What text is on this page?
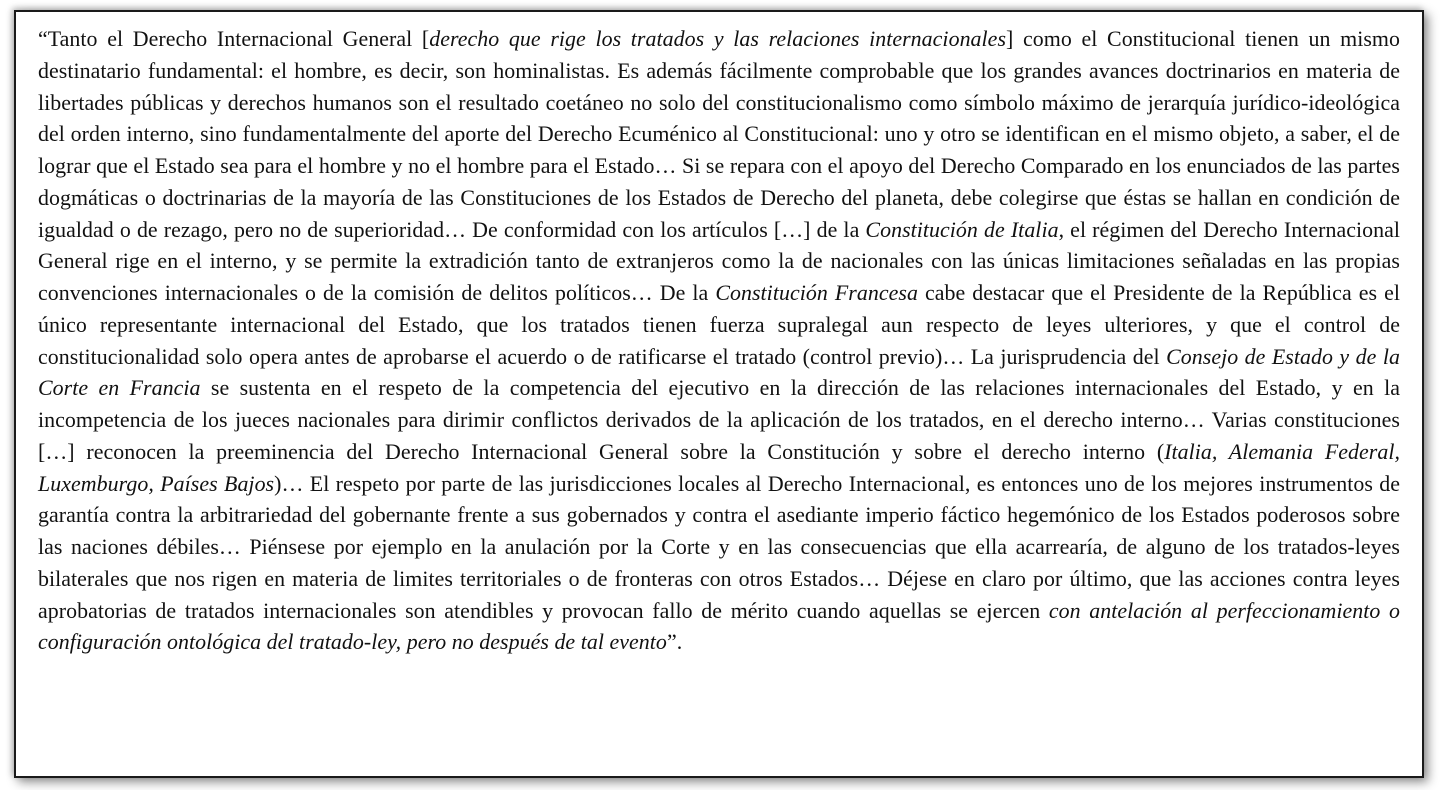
“Tanto el Derecho Internacional General [derecho que rige los tratados y las relaciones internacionales] como el Constitucional tienen un mismo destinatario fundamental: el hombre, es decir, son hominalistas. Es además fácilmente comprobable que los grandes avances doctrinarios en materia de libertades públicas y derechos humanos son el resultado coetáneo no solo del constitucionalismo como símbolo máximo de jerarquía jurídico-ideológica del orden interno, sino fundamentalmente del aporte del Derecho Ecuménico al Constitucional: uno y otro se identifican en el mismo objeto, a saber, el de lograr que el Estado sea para el hombre y no el hombre para el Estado… Si se repara con el apoyo del Derecho Comparado en los enunciados de las partes dogmáticas o doctrinarias de la mayoría de las Constituciones de los Estados de Derecho del planeta, debe colegirse que éstas se hallan en condición de igualdad o de rezago, pero no de superioridad… De conformidad con los artículos […] de la Constitución de Italia, el régimen del Derecho Internacional General rige en el interno, y se permite la extradición tanto de extranjeros como la de nacionales con las únicas limitaciones señaladas en las propias convenciones internacionales o de la comisión de delitos políticos… De la Constitución Francesa cabe destacar que el Presidente de la República es el único representante internacional del Estado, que los tratados tienen fuerza supralegal aun respecto de leyes ulteriores, y que el control de constitucionalidad solo opera antes de aprobarse el acuerdo o de ratificarse el tratado (control previo)… La jurisprudencia del Consejo de Estado y de la Corte en Francia se sustenta en el respeto de la competencia del ejecutivo en la dirección de las relaciones internacionales del Estado, y en la incompetencia de los jueces nacionales para dirimir conflictos derivados de la aplicación de los tratados, en el derecho interno… Varias constituciones […] reconocen la preeminencia del Derecho Internacional General sobre la Constitución y sobre el derecho interno (Italia, Alemania Federal, Luxemburgo, Países Bajos)… El respeto por parte de las jurisdicciones locales al Derecho Internacional, es entonces uno de los mejores instrumentos de garantía contra la arbitrariedad del gobernante frente a sus gobernados y contra el asediante imperio fáctico hegemónico de los Estados poderosos sobre las naciones débiles… Piénsese por ejemplo en la anulación por la Corte y en las consecuencias que ella acarrearía, de alguno de los tratados-leyes bilaterales que nos rigen en materia de limites territoriales o de fronteras con otros Estados… Déjese en claro por último, que las acciones contra leyes aprobatorias de tratados internacionales son atendibles y provocan fallo de mérito cuando aquellas se ejercen con antelación al perfeccionamiento o configuración ontológica del tratado-ley, pero no después de tal evento”.
